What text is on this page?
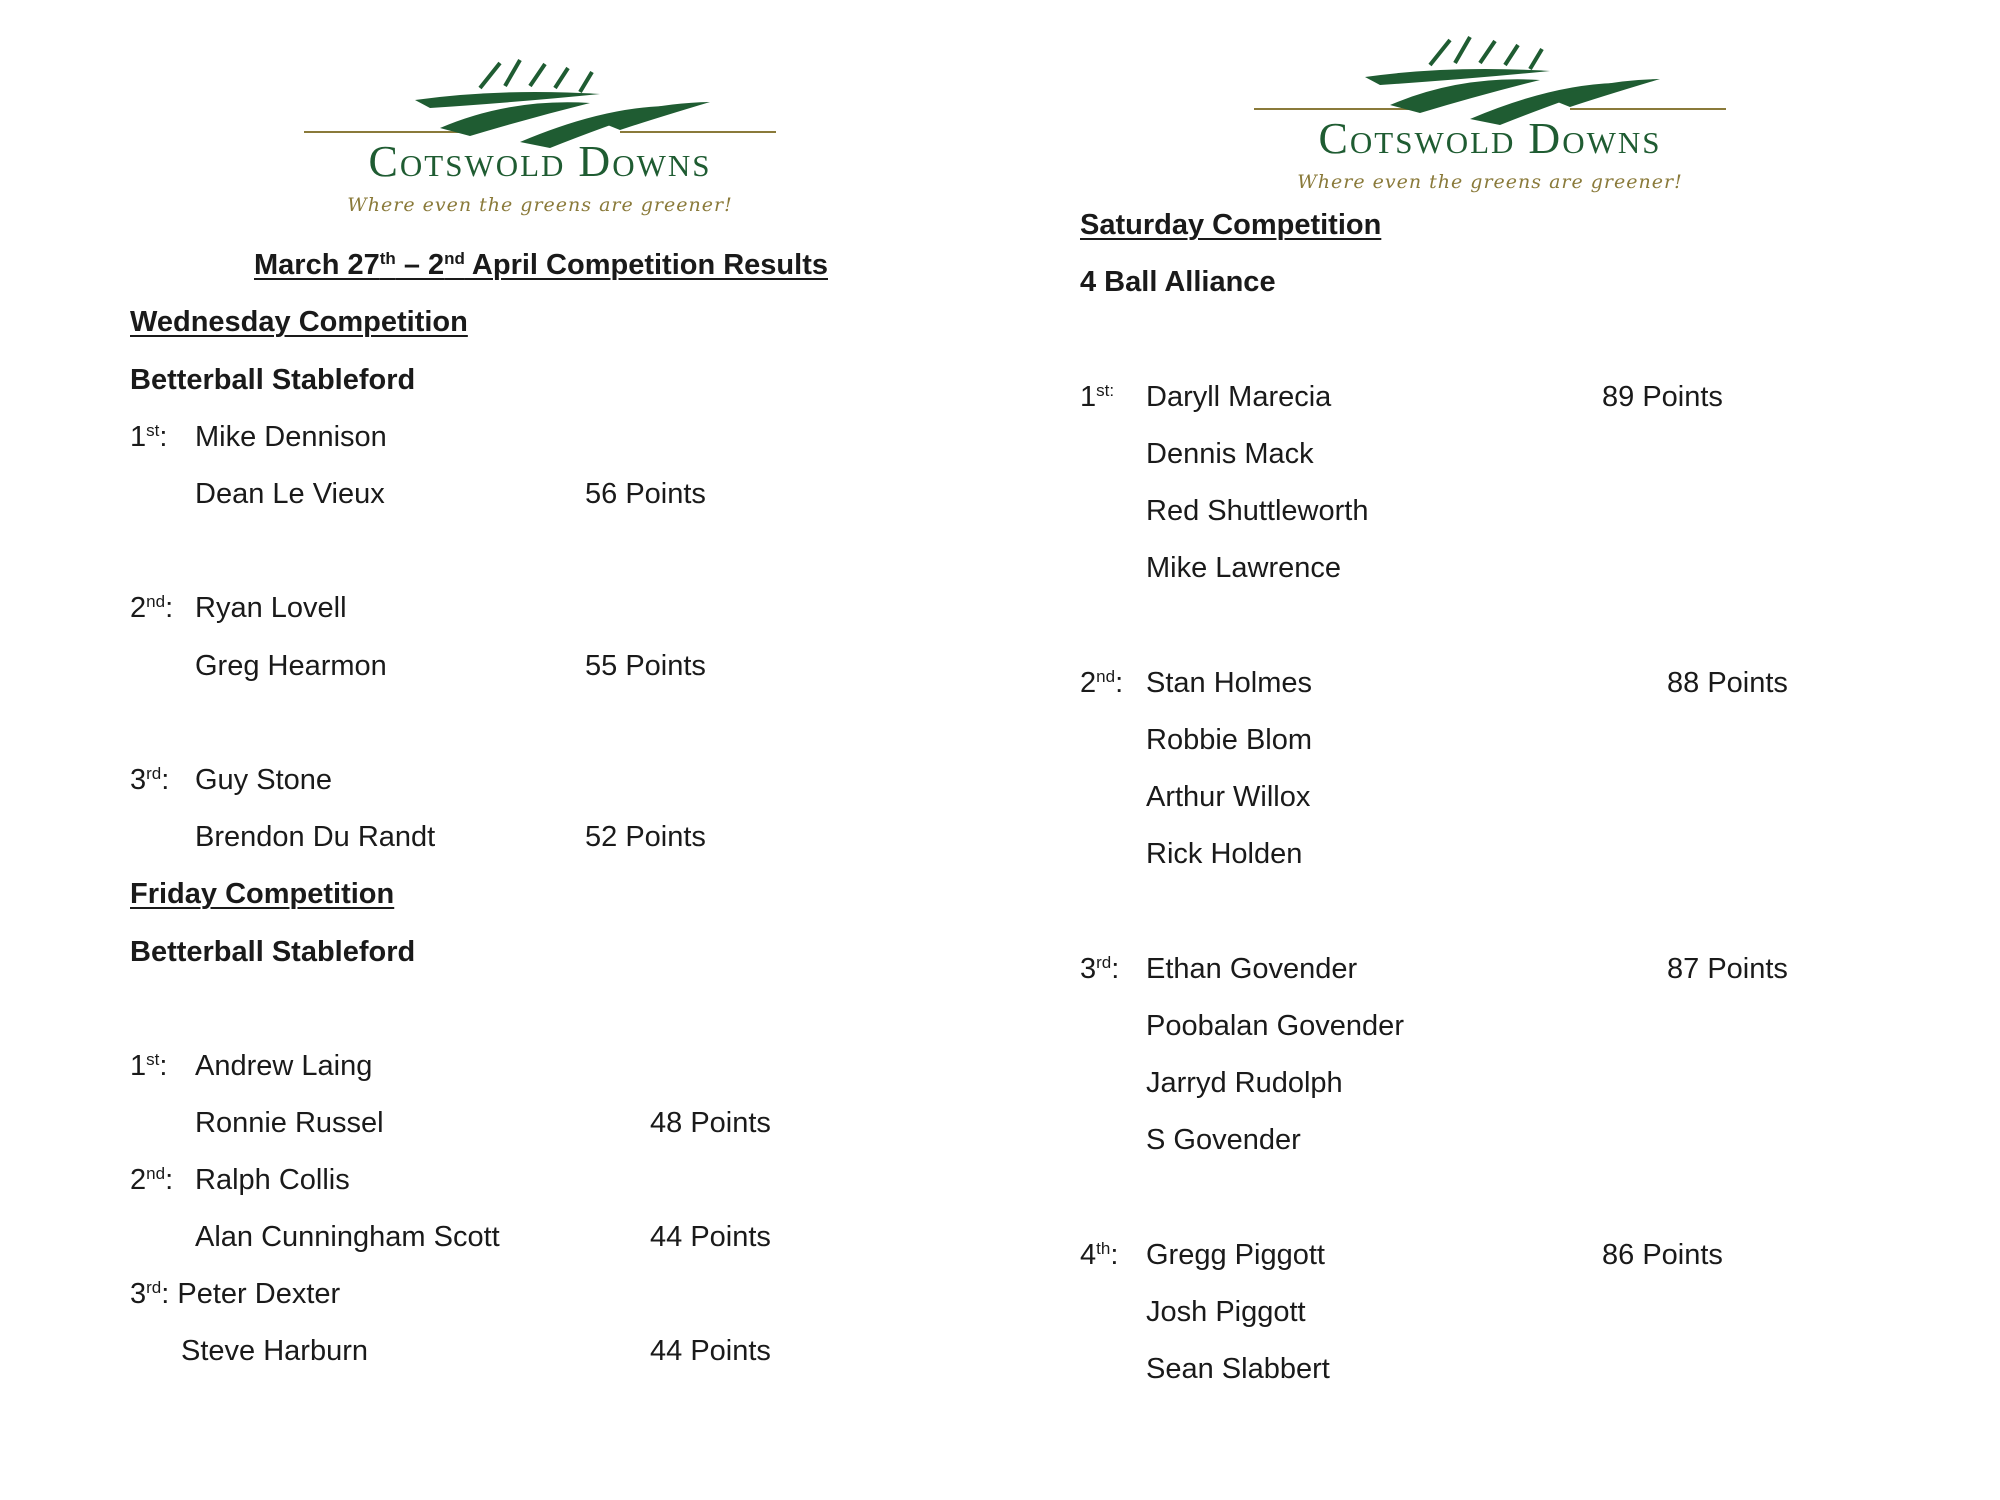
Cotswold Downs
Where even the greens are greener!
Cotswold Downs
Where even the greens are greener!
March 27th – 2nd April Competition Results
Wednesday Competition
Betterball Stableford
1st: Mike Dennison
Dean Le Vieux	56 Points
2nd: Ryan Lovell
Greg Hearmon	55 Points
3rd: Guy Stone
Brendon Du Randt	52 Points
Friday Competition
Betterball Stableford
1st: Andrew Laing
Ronnie Russel	48 Points
2nd: Ralph Collis
Alan Cunningham Scott	44 Points
3rd: Peter Dexter
Steve Harburn	44 Points
Saturday Competition
4 Ball Alliance
$1^{st:}$ Daryll Marecia	89 Points
Dennis Mack
Red Shuttleworth
Mike Lawrence
2nd: Stan Holmes	88 Points
Robbie Blom
Arthur Willox
Rick Holden
3rd: Ethan Govender	87 Points
Poobalan Govender
Jarryd Rudolph
S Govender
4th: Gregg Piggott	86 Points
Josh Piggott
Sean Slabbert
